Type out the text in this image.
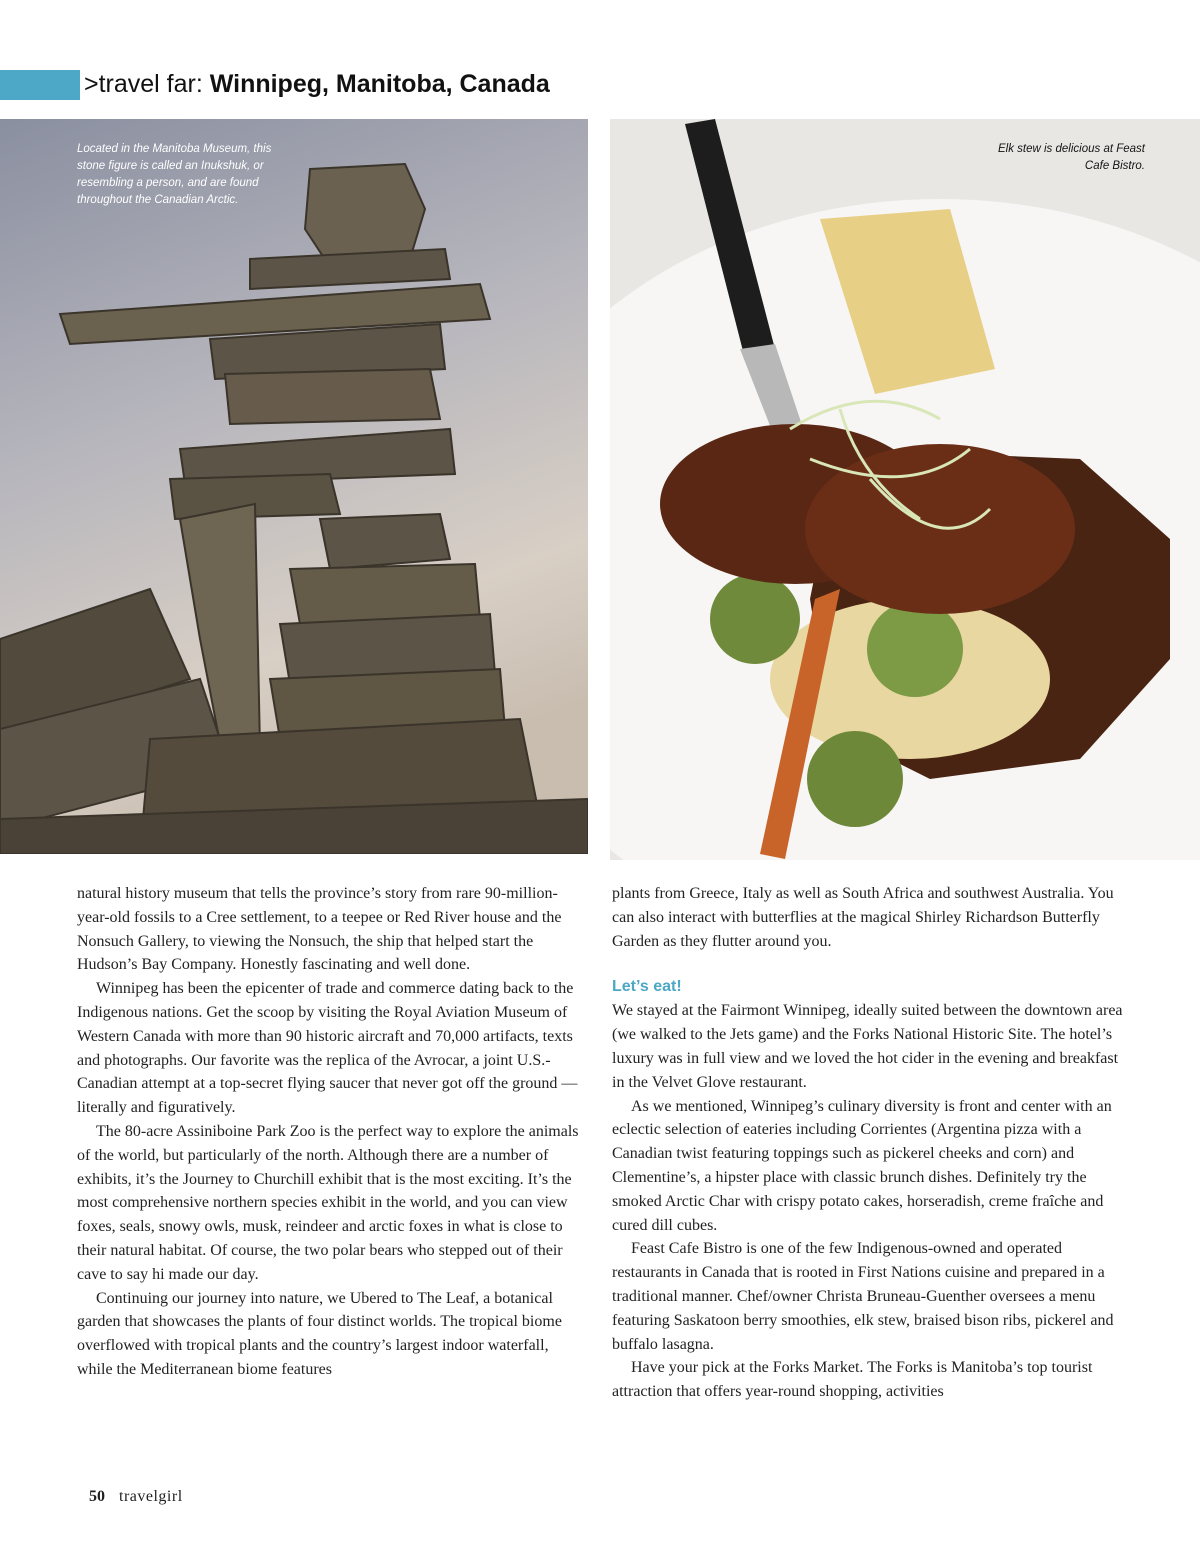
>travel far: Winnipeg, Manitoba, Canada
Located in the Manitoba Museum, this stone figure is called an Inukshuk, or resembling a person, and are found throughout the Canadian Arctic.
Elk stew is delicious at Feast Cafe Bistro.

natural history museum that tells the province’s story from rare 90-million-year-old fossils to a Cree settlement, to a teepee or Red River house and the Nonsuch Gallery, to viewing the Nonsuch, the ship that helped start the Hudson’s Bay Company. Honestly fascinating and well done.

Winnipeg has been the epicenter of trade and commerce dating back to the Indigenous nations. Get the scoop by visiting the Royal Aviation Museum of Western Canada with more than 90 historic aircraft and 70,000 artifacts, texts and photographs. Our favorite was the replica of the Avrocar, a joint U.S.-Canadian attempt at a top-secret flying saucer that never got off the ground — literally and figuratively.

The 80-acre Assiniboine Park Zoo is the perfect way to explore the animals of the world, but particularly of the north. Although there are a number of exhibits, it’s the Journey to Churchill exhibit that is the most exciting. It’s the most comprehensive northern species exhibit in the world, and you can view foxes, seals, snowy owls, musk, reindeer and arctic foxes in what is close to their natural habitat. Of course, the two polar bears who stepped out of their cave to say hi made our day.

Continuing our journey into nature, we Ubered to The Leaf, a botanical garden that showcases the plants of four distinct worlds. The tropical biome overflowed with tropical plants and the country’s largest indoor waterfall, while the Mediterranean biome features

plants from Greece, Italy as well as South Africa and southwest Australia. You can also interact with butterflies at the magical Shirley Richardson Butterfly Garden as they flutter around you.

Let’s eat!

We stayed at the Fairmont Winnipeg, ideally suited between the downtown area (we walked to the Jets game) and the Forks National Historic Site. The hotel’s luxury was in full view and we loved the hot cider in the evening and breakfast in the Velvet Glove restaurant.

As we mentioned, Winnipeg’s culinary diversity is front and center with an eclectic selection of eateries including Corrientes (Argentina pizza with a Canadian twist featuring toppings such as pickerel cheeks and corn) and Clementine’s, a hipster place with classic brunch dishes. Definitely try the smoked Arctic Char with crispy potato cakes, horseradish, creme fraîche and cured dill cubes.

Feast Cafe Bistro is one of the few Indigenous-owned and operated restaurants in Canada that is rooted in First Nations cuisine and prepared in a traditional manner. Chef/owner Christa Bruneau-Guenther oversees a menu featuring Saskatoon berry smoothies, elk stew, braised bison ribs, pickerel and buffalo lasagna.

Have your pick at the Forks Market. The Forks is Manitoba’s top tourist attraction that offers year-round shopping, activities

50 travelgirl
